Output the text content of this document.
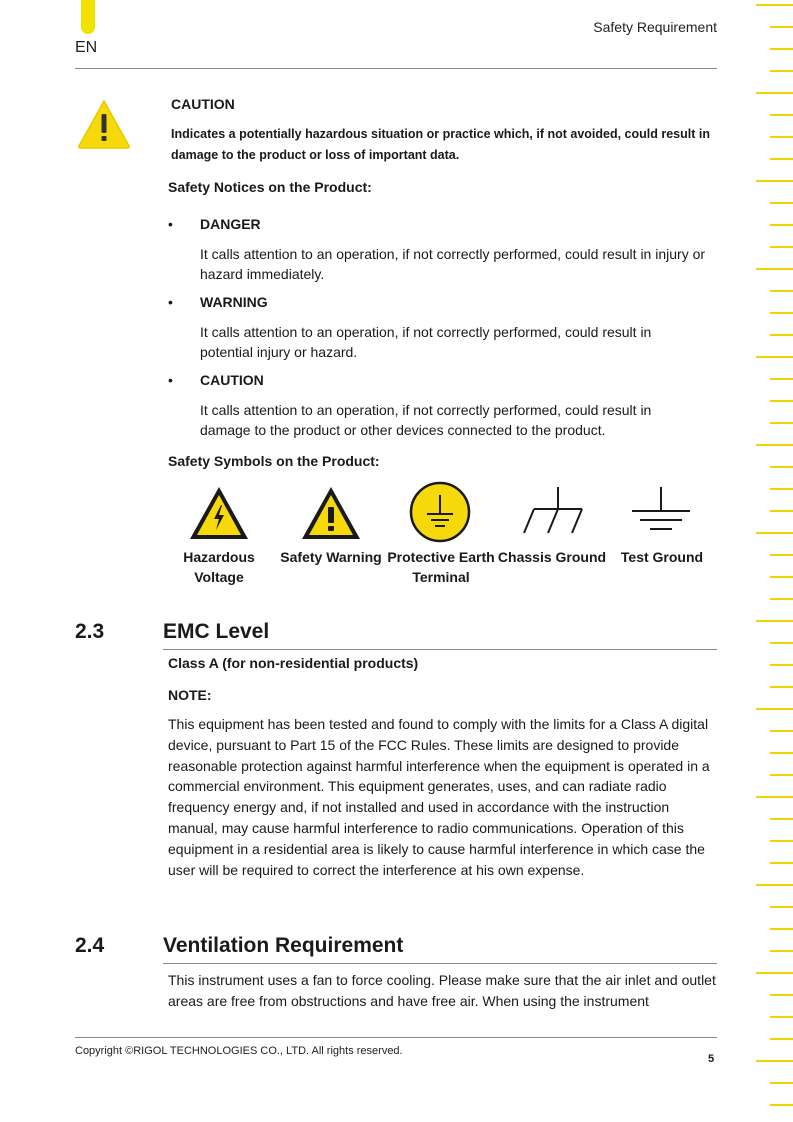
EN
Safety Requirement
CAUTION
Indicates a potentially hazardous situation or practice which, if not avoided, could result in damage to the product or loss of important data.
Safety Notices on the Product:
• DANGER
It calls attention to an operation, if not correctly performed, could result in injury or hazard immediately.
• WARNING
It calls attention to an operation, if not correctly performed, could result in potential injury or hazard.
• CAUTION
It calls attention to an operation, if not correctly performed, could result in damage to the product or other devices connected to the product.
Safety Symbols on the Product:
Hazardous
Voltage
Safety Warning Protective Earth
Terminal
Chassis Ground	Test Ground
2.3	EMC Level
Class A (for non-residential products)
NOTE:
This equipment has been tested and found to comply with the limits for a Class A digital device, pursuant to Part 15 of the FCC Rules. These limits are designed to provide reasonable protection against harmful interference when the equipment is operated in a commercial environment. This equipment generates, uses, and can radiate radio frequency energy and, if not installed and used in accordance with the instruction manual, may cause harmful interference to radio communications. Operation of this equipment in a residential area is likely to cause harmful interference in which case the user will be required to correct the interference at his own expense.
2.4	Ventilation Requirement
This instrument uses a fan to force cooling. Please make sure that the air inlet and outlet areas are free from obstructions and have free air. When using the instrument
Copyright ©RIGOL TECHNOLOGIES CO., LTD. All rights reserved.
5
